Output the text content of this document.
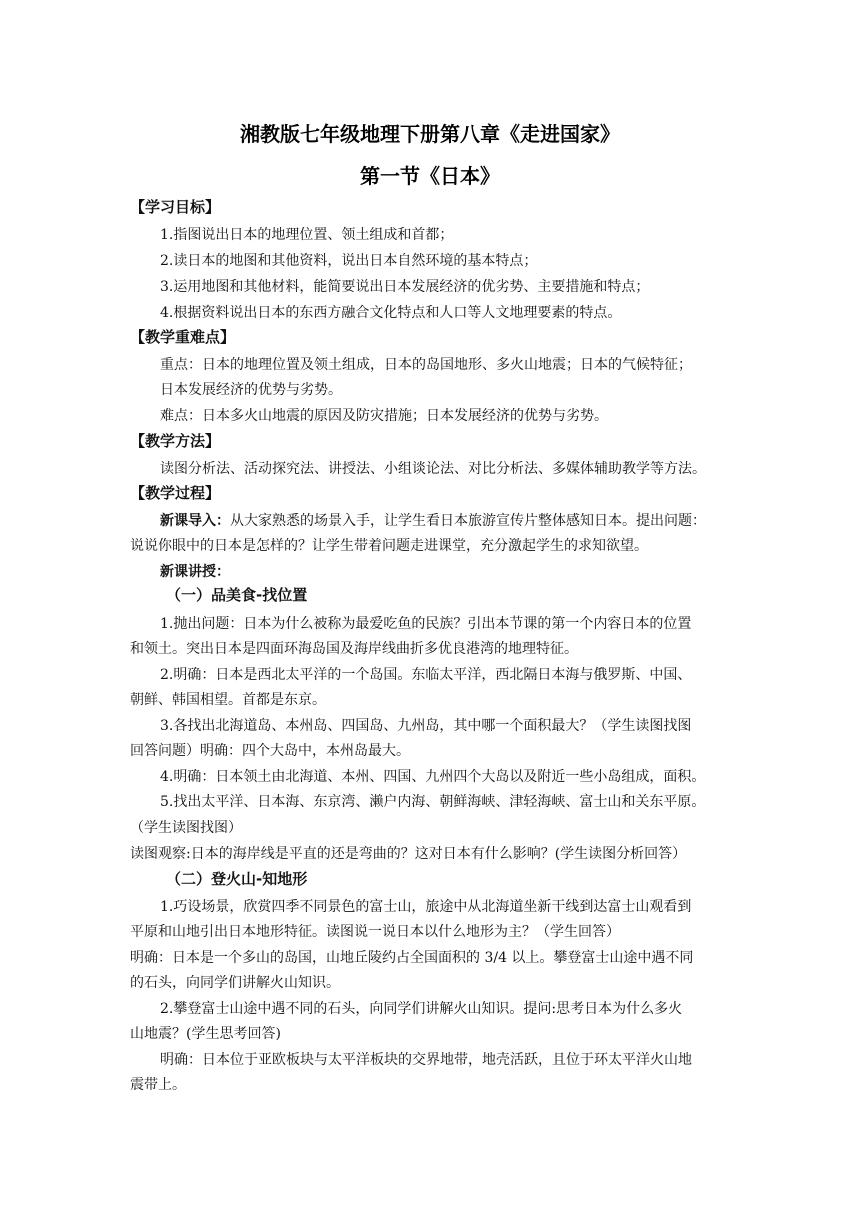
湘教版七年级地理下册第八章《走进国家》
第一节《日本》
【学习目标】
1.指图说出日本的地理位置、领土组成和首都；
2.读日本的地图和其他资料，说出日本自然环境的基本特点；
3.运用地图和其他材料，能简要说出日本发展经济的优劣势、主要措施和特点；
4.根据资料说出日本的东西方融合文化特点和人口等人文地理要素的特点。
【教学重难点】
重点：日本的地理位置及领土组成，日本的岛国地形、多火山地震；日本的气候特征；
日本发展经济的优势与劣势。
难点：日本多火山地震的原因及防灾措施；日本发展经济的优势与劣势。
【教学方法】
读图分析法、活动探究法、讲授法、小组谈论法、对比分析法、多媒体辅助教学等方法。
【教学过程】
新课导入：从大家熟悉的场景入手，让学生看日本旅游宣传片整体感知日本。提出问题：
说说你眼中的日本是怎样的？让学生带着问题走进课堂，充分激起学生的求知欲望。
新课讲授：
（一）品美食-找位置
1.抛出问题：日本为什么被称为最爱吃鱼的民族？引出本节课的第一个内容日本的位置
和领土。突出日本是四面环海岛国及海岸线曲折多优良港湾的地理特征。
2.明确：日本是西北太平洋的一个岛国。东临太平洋，西北隔日本海与俄罗斯、中国、
朝鲜、韩国相望。首都是东京。
3.各找出北海道岛、本州岛、四国岛、九州岛，其中哪一个面积最大？（学生读图找图
回答问题）明确：四个大岛中，本州岛最大。
4.明确：日本领土由北海道、本州、四国、九州四个大岛以及附近一些小岛组成，面积。
5.找出太平洋、日本海、东京湾、濑户内海、朝鲜海峡、津轻海峡、富士山和关东平原。
（学生读图找图）
读图观察:日本的海岸线是平直的还是弯曲的？这对日本有什么影响？(学生读图分析回答）
（二）登火山-知地形
1.巧设场景，欣赏四季不同景色的富士山，旅途中从北海道坐新干线到达富士山观看到
平原和山地引出日本地形特征。读图说一说日本以什么地形为主？（学生回答）
明确：日本是一个多山的岛国，山地丘陵约占全国面积的 3/4 以上。攀登富士山途中遇不同
的石头，向同学们讲解火山知识。
2.攀登富士山途中遇不同的石头，向同学们讲解火山知识。提问:思考日本为什么多火
山地震？(学生思考回答)
明确：日本位于亚欧板块与太平洋板块的交界地带，地壳活跃，且位于环太平洋火山地
震带上。
